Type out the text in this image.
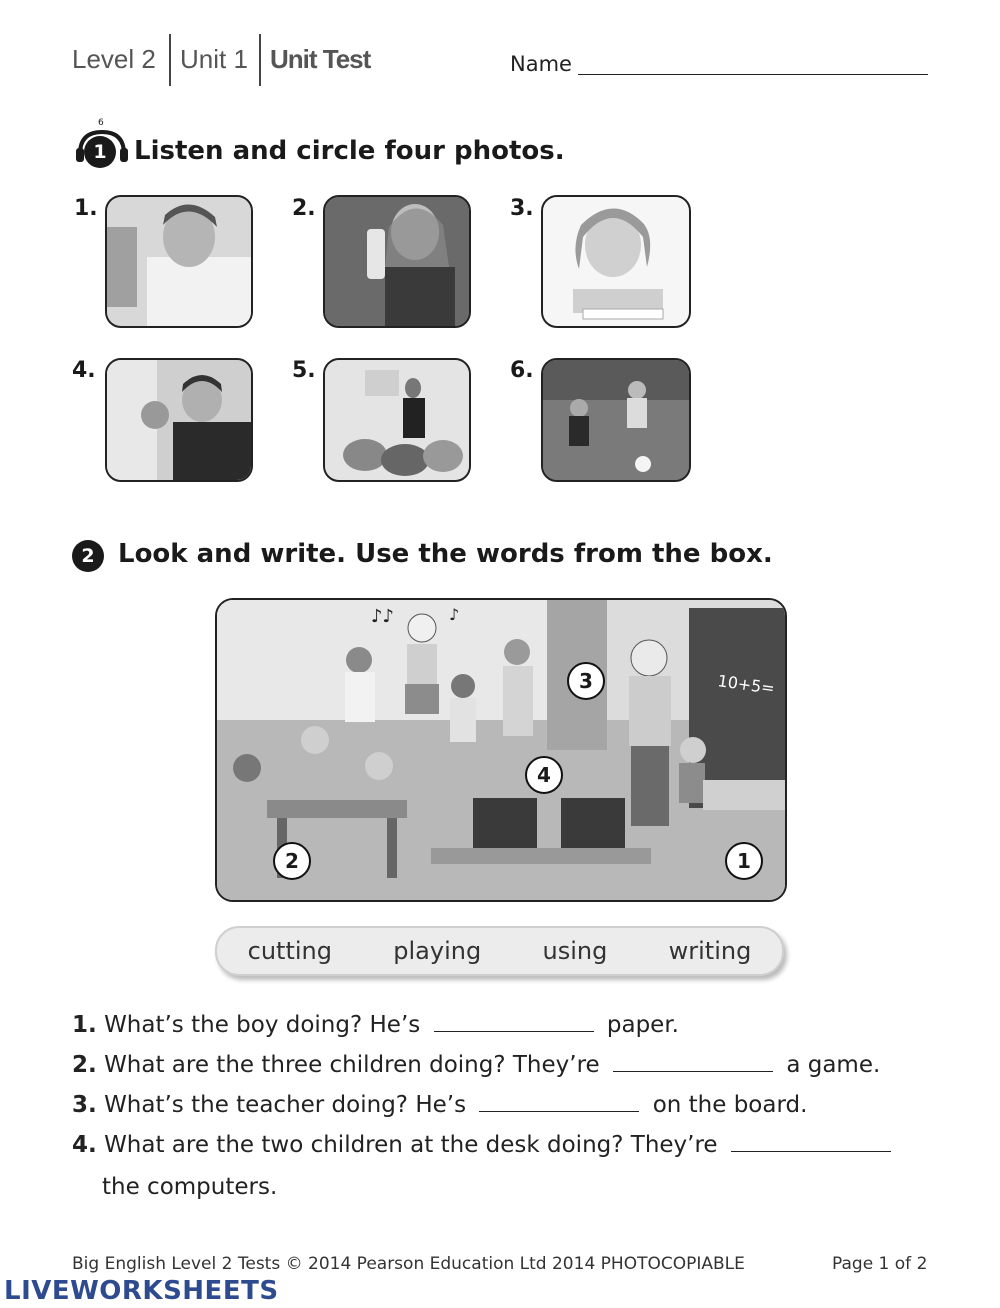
Level 2 Unit 1 Unit Test	Name
6
1	Listen and circle four photos.
1.	2.	3.
4.	5.	6.
2 Look and write. Use the words from the box.
10+5=
♪♪	♪
1
2
3
4
cutting	playing	using	writing
1. What’s the boy doing? He’s	paper.
2. What are the three children doing? They’re	a game.
3. What’s the teacher doing? He’s	on the board.
4. What are the two children at the desk doing? They’re
the computers.
Big English Level 2 Tests © 2014 Pearson Education Ltd 2014 PHOTOCOPIABLE	Page 1 of 2
LIVEWORKSHEETS
